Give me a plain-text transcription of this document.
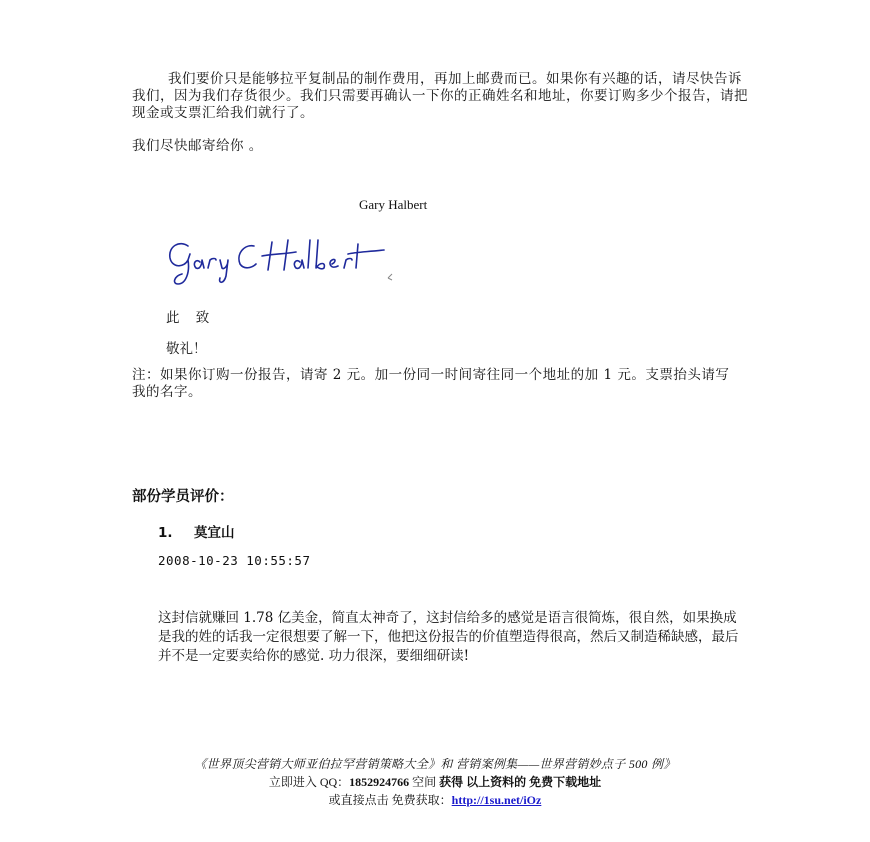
我们要价只是能够拉平复制品的制作费用，再加上邮费而已。如果你有兴趣的话，请尽快告诉我们，因为我们存货很少。我们只需要再确认一下你的正确姓名和地址，你要订购多少个报告，请把现金或支票汇给我们就行了。
我们尽快邮寄给你 。
Gary Halbert
此 致
敬礼！
注：如果你订购一份报告，请寄 2 元。加一份同一时间寄往同一个地址的加 1 元。支票抬头请写我的名字。
部份学员评价：
1. 莫宜山
2008-10-23 10:55:57
这封信就赚回 1.78 亿美金，简直太神奇了，这封信给多的感觉是语言很简炼，很自然，如果换成是我的姓的话我一定很想要了解一下，他把这份报告的价值塑造得很高，然后又制造稀缺感，最后并不是一定要卖给你的感觉. 功力很深，要细细研读!
《世界顶尖营销大师亚伯拉罕营销策略大全》和 营销案例集——世界营销妙点子 500 例》
立即进入 QQ：1852924766 空间 获得 以上资料的 免费下载地址
或直接点击 免费获取：http://1su.net/iOz
